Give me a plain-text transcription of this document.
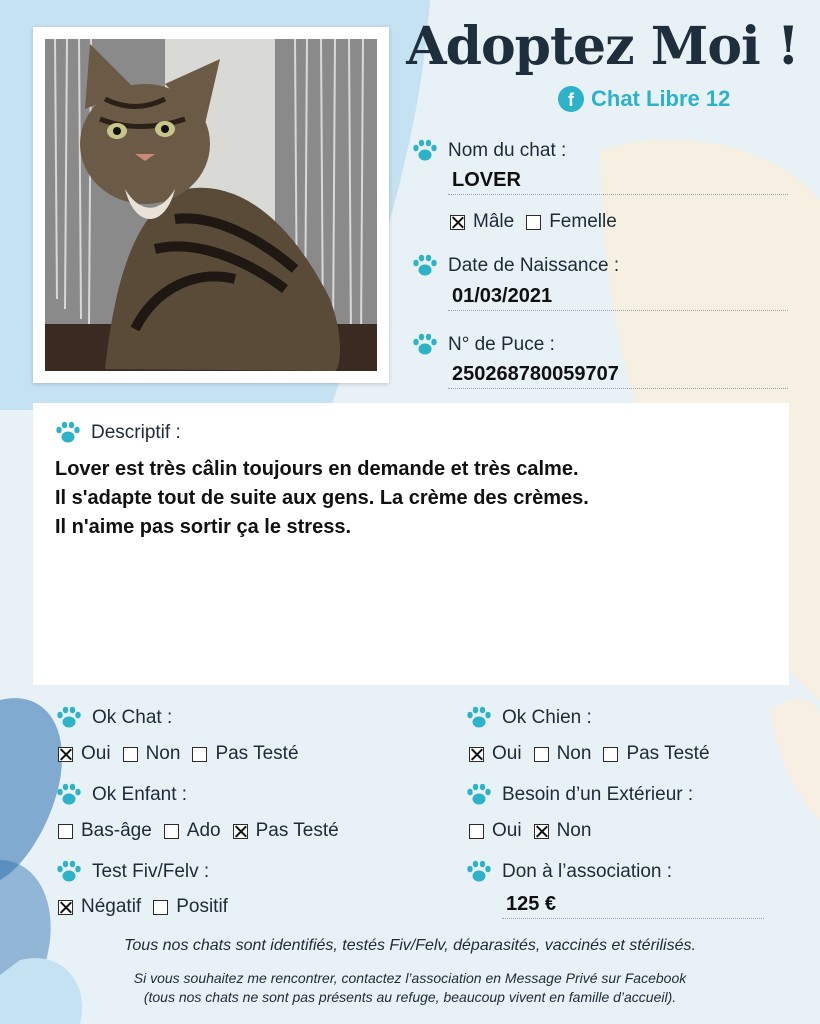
Adoptez Moi !
f Chat Libre 12
Nom du chat :
LOVER
Mâle Femelle
Date de Naissance :
01/03/2021
N° de Puce :
250268780059707
Descriptif :
Lover est très câlin toujours en demande et très calme.
Il s'adapte tout de suite aux gens. La crème des crèmes.
Il n'aime pas sortir ça le stress.
Ok Chat :
Oui Non Pas Testé
Ok Chien :
Oui Non Pas Testé
Ok Enfant :
Bas-âge Ado Pas Testé
Besoin d’un Extérieur :
Oui Non
Test Fiv/Felv :
Négatif Positif
Don à l’association :
125 €
Tous nos chats sont identifiés, testés Fiv/Felv, déparasités, vaccinés et stérilisés.
Si vous souhaitez me rencontrer, contactez l’association en Message Privé sur Facebook
(tous nos chats ne sont pas présents au refuge, beaucoup vivent en famille d’accueil).
